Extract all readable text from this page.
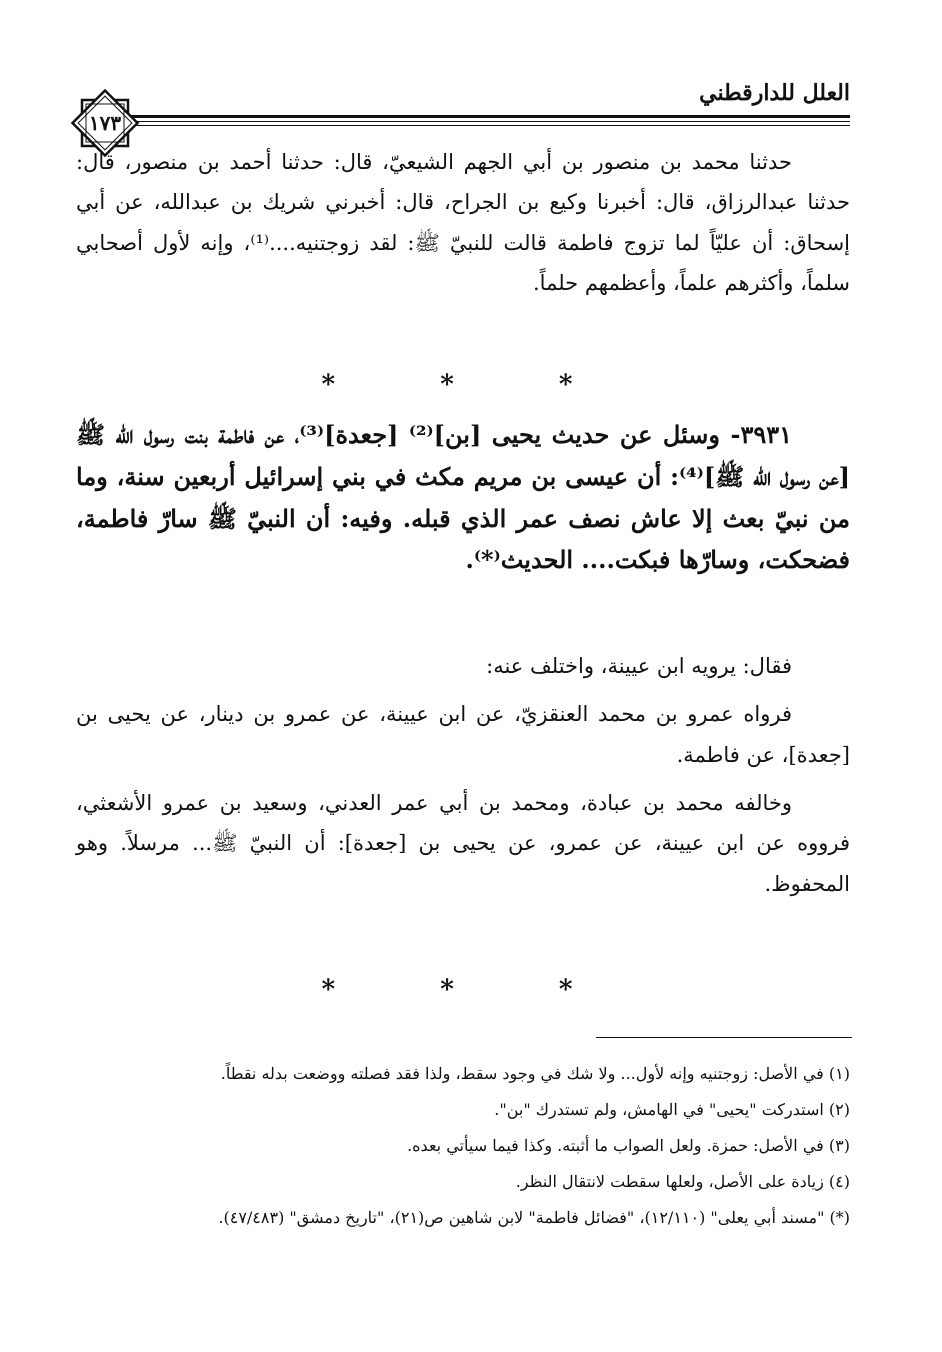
العلل للدارقطني
١٧٣

حدثنا محمد بن منصور بن أبي الجهم الشيعيّ، قال: حدثنا أحمد بن منصور، قال: حدثنا عبدالرزاق، قال: أخبرنا وكيع بن الجراح، قال: أخبرني شريك بن عبدالله، عن أبي إسحاق: أن عليّاً لما تزوج فاطمة قالت للنبيّ ﷺ: لقد زوجتنيه....⁽¹⁾، وإنه لأول أصحابي سلماً، وأكثرهم علماً، وأعظمهم حلماً.

* * *

٣٩٣١- وسئل عن حديث يحيى [بن]⁽²⁾ [جعدة]⁽³⁾، عن فاطمة بنت رسول الله ﷺ [عن رسول الله ﷺ]⁽⁴⁾: أن عيسى بن مريم مكث في بني إسرائيل أربعين سنة، وما من نبيّ بعث إلا عاش نصف عمر الذي قبله. وفيه: أن النبيّ ﷺ سارّ فاطمة، فضحكت، وسارّها فبكت.... الحديث⁽*⁾.

فقال: يرويه ابن عيينة، واختلف عنه:

فرواه عمرو بن محمد العنقزيّ، عن ابن عيينة، عن عمرو بن دينار، عن يحيى بن [جعدة]، عن فاطمة.

وخالفه محمد بن عبادة، ومحمد بن أبي عمر العدني، وسعيد بن عمرو الأشعثي، فرووه عن ابن عيينة، عن عمرو، عن يحيى بن [جعدة]: أن النبيّ ﷺ... مرسلاً. وهو المحفوظ.

* * *

(١) في الأصل: زوجتنيه وإنه لأول... ولا شك في وجود سقط، ولذا فقد فصلته ووضعت بدله نقطاً.

(٢) استدركت "يحيى" في الهامش، ولم تستدرك "بن".

(٣) في الأصل: حمزة. ولعل الصواب ما أثبته. وكذا فيما سيأتي بعده.

(٤) زيادة على الأصل، ولعلها سقطت لانتقال النظر.

(*) "مسند أبي يعلى" (١٢/١١٠)، "فضائل فاطمة" لابن شاهين ص(٢١)، "تاريخ دمشق" (٤٧/٤٨٣).
